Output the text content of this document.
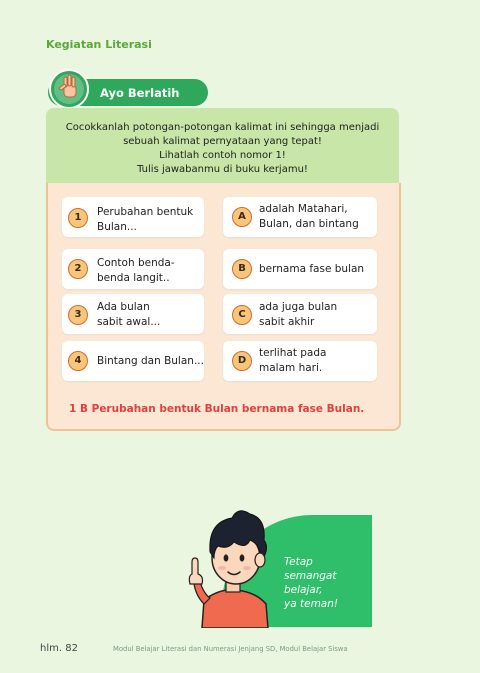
Kegiatan Literasi
Ayo Berlatih
Cocokkanlah potongan-potongan kalimat ini sehingga menjadi
sebuah kalimat pernyataan yang tepat!
Lihatlah contoh nomor 1!
Tulis jawabanmu di buku kerjamu!
1	Perubahan bentuk
Bulan...
2	Contoh benda-
benda langit..
3
Ada bulan
sabit awal...
4	Bintang dan Bulan...
A
adalah Matahari,
Bulan, dan bintang
B	bernama fase bulan
C
ada juga bulan
sabit akhir
D
terlihat pada
malam hari.
1 B Perubahan bentuk Bulan bernama fase Bulan.
Tetap
semangat
belajar,
ya teman!
hlm. 82	Modul Belajar Literasi dan Numerasi Jenjang SD, Modul Belajar Siswa
